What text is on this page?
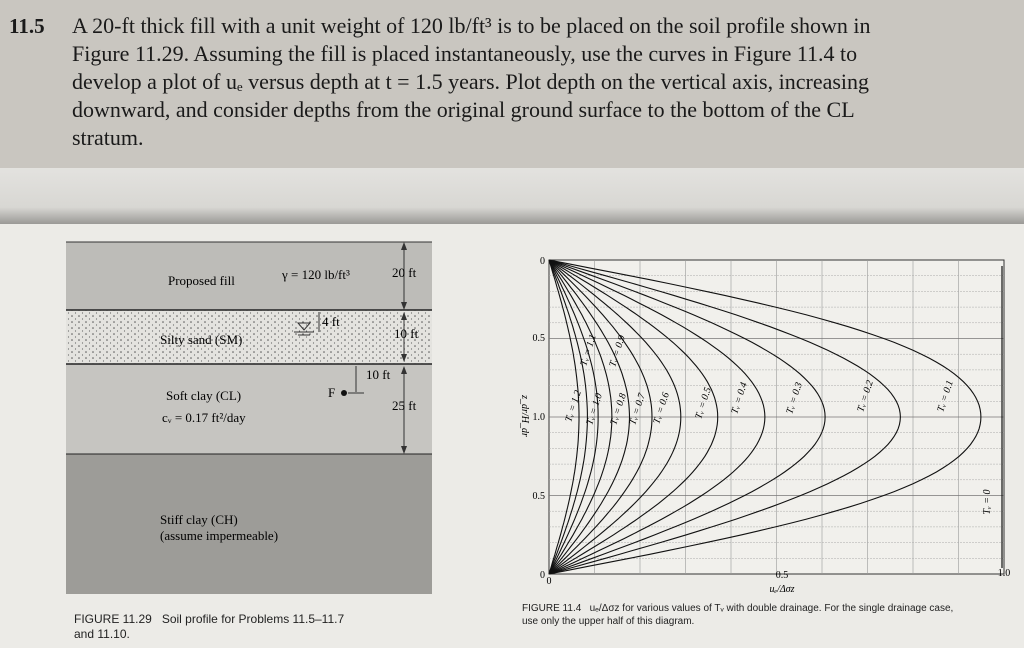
11.5 A 20-ft thick fill with a unit weight of 120 lb/ft³ is to be placed on the soil profile shown in
Figure 11.29. Assuming the fill is placed instantaneously, use the curves in Figure 11.4 to
develop a plot of uₑ versus depth at t = 1.5 years. Plot depth on the vertical axis, increasing
downward, and consider depths from the original ground surface to the bottom of the CL
stratum.
Proposed fill	γ = 120 lb/ft³	20 ft
Silty sand (SM)
4 ft
10 ft
10 ft
F
25 ft
Soft clay (CL)
cᵥ = 0.17 ft²/day
Stiff clay (CH)
(assume impermeable)
FIGURE 11.29 Soil profile for Problems 11.5–11.7
and 11.10.
Tᵥ = 1.2 Tᵥ = 1.0
Tᵥ = 1.1
Tᵥ = 0.8
Tᵥ = 0.9
Tᵥ = 0.7 Tᵥ = 0.6 Tᵥ = 0.5 Tᵥ = 0.4	Tᵥ = 0.3	Tᵥ = 0.2	Tᵥ = 0.1
Tᵥ = 0
0
0.5
1.0
0.5
0
0
0.5	1.0
uₑ/Δσz
z_dr/H_dr
FIGURE 11.4 uₑ/Δσz for various values of Tᵥ with double drainage. For the single drainage case,
use only the upper half of this diagram.
